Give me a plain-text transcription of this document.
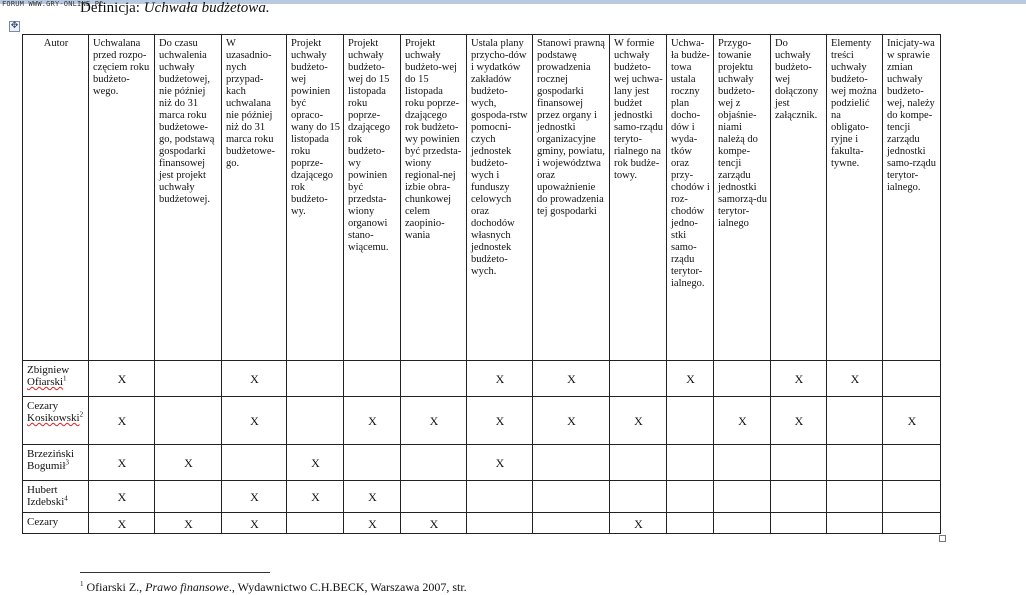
FORUM WWW.GRY-ONLINE.PL
Definicja: Uchwała budżetowa.
✥
Autor	Uchwalana przed rozpo-częciem roku budżeto-wego.	Do czasu uchwalenia uchwały budżetowej, nie później niż do 31 marca roku budżetowe-go, podstawą gospodarki finansowej jest projekt uchwały budżetowej.	W uzasadnio-nych przypad-kach uchwalana nie później niż do 31 marca roku budżetowe-go.	Projekt uchwały budżeto-wej powinien być opraco-wany do 15 listopada roku poprze-dzającego rok budżeto-wy.	Projekt uchwały budżeto-wej do 15 listopada roku poprze-dzającego rok budżeto-wy powinien być przedsta-wiony organowi stano-wiącemu.	Projekt uchwały budżeto-wej do 15 listopada roku poprze-dzającego rok budżeto-wy powinien być przedsta-wiony regional-nej izbie obra-chunkowej celem zaopinio-wania	Ustala plany przycho-dów i wydatków zakładów budżeto-wych, gospoda-rstw pomocni-czych jednostek budżeto-wych i funduszy celowych oraz dochodów własnych jednostek budżeto-wych.	Stanowi prawną podstawę prowadzenia rocznej gospodarki finansowej przez organy i jednostki organizacyjne gminy, powiatu, i województwa oraz upoważnienie do prowadzenia tej gospodarki	W formie uchwały budżeto-wej uchwa-lany jest budżet jednostki samo-rządu teryto-rialnego na rok budże-towy.	Uchwa-ła budże-towa ustala roczny plan docho-dów i wyda-tków oraz przy-chodów i roz-chodów jedno-stki samo-rządu terytor-ialnego.	Przygo-towanie projektu uchwały budżeto-wej z objaśnie-niami należą do kompe-tencji zarządu jednostki samorzą-du terytor-ialnego	Do uchwały budżeto-wej dołączony jest załącznik.	Elementy treści uchwały budżeto-wej można podzielić na obligato-ryjne i fakulta-tywne.	Inicjaty-wa w sprawie zmian uchwały budżeto-wej, należy do kompe-tencji zarządu jednostki samo-rządu terytor-ialnego.
Zbigniew
Ofiarski$^1$	X		X				X	X		X		X	X	
Cezary
Kosikowski$^2$	X		X		X	X	X	X	X		X	X		X
Brzeziński
Bogumił$^3$	X	X		X			X							
Hubert
Izdebski$^4$	X		X	X	X									
Cezary	X	X	X		X	X			X					
$^1$ Ofiarski Z., Prawo finansowe., Wydawnictwo C.H.BECK, Warszawa 2007, str.
